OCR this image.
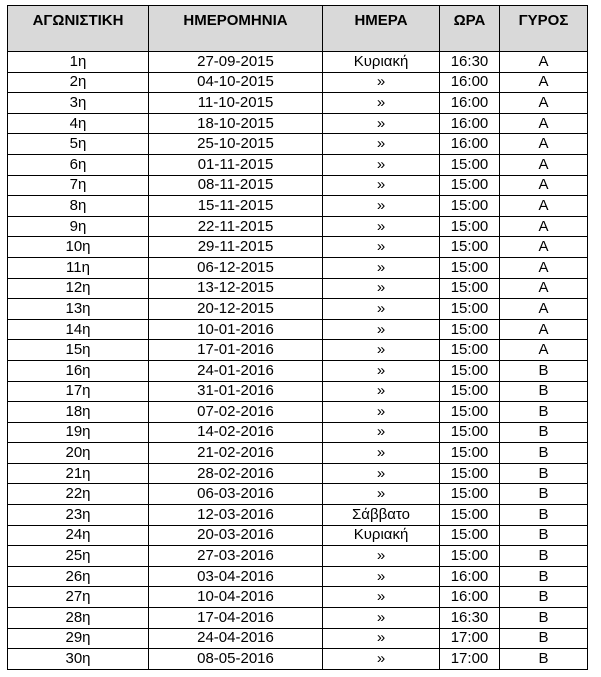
ΑΓΩΝΙΣΤΙΚΗ	ΗΜΕΡΟΜΗΝΙΑ	ΗΜΕΡΑ	ΩΡΑ	ΓΥΡΟΣ
1η	27-09-2015	Κυριακή	16:30	Α
2η	04-10-2015	»	16:00	Α
3η	11-10-2015	»	16:00	Α
4η	18-10-2015	»	16:00	Α
5η	25-10-2015	»	16:00	Α
6η	01-11-2015	»	15:00	Α
7η	08-11-2015	»	15:00	Α
8η	15-11-2015	»	15:00	Α
9η	22-11-2015	»	15:00	Α
10η	29-11-2015	»	15:00	Α
11η	06-12-2015	»	15:00	Α
12η	13-12-2015	»	15:00	Α
13η	20-12-2015	»	15:00	Α
14η	10-01-2016	»	15:00	Α
15η	17-01-2016	»	15:00	Α
16η	24-01-2016	»	15:00	Β
17η	31-01-2016	»	15:00	Β
18η	07-02-2016	»	15:00	Β
19η	14-02-2016	»	15:00	Β
20η	21-02-2016	»	15:00	Β
21η	28-02-2016	»	15:00	Β
22η	06-03-2016	»	15:00	Β
23η	12-03-2016	Σάββατο	15:00	Β
24η	20-03-2016	Κυριακή	15:00	Β
25η	27-03-2016	»	15:00	Β
26η	03-04-2016	»	16:00	Β
27η	10-04-2016	»	16:00	Β
28η	17-04-2016	»	16:30	Β
29η	24-04-2016	»	17:00	Β
30η	08-05-2016	»	17:00	Β
